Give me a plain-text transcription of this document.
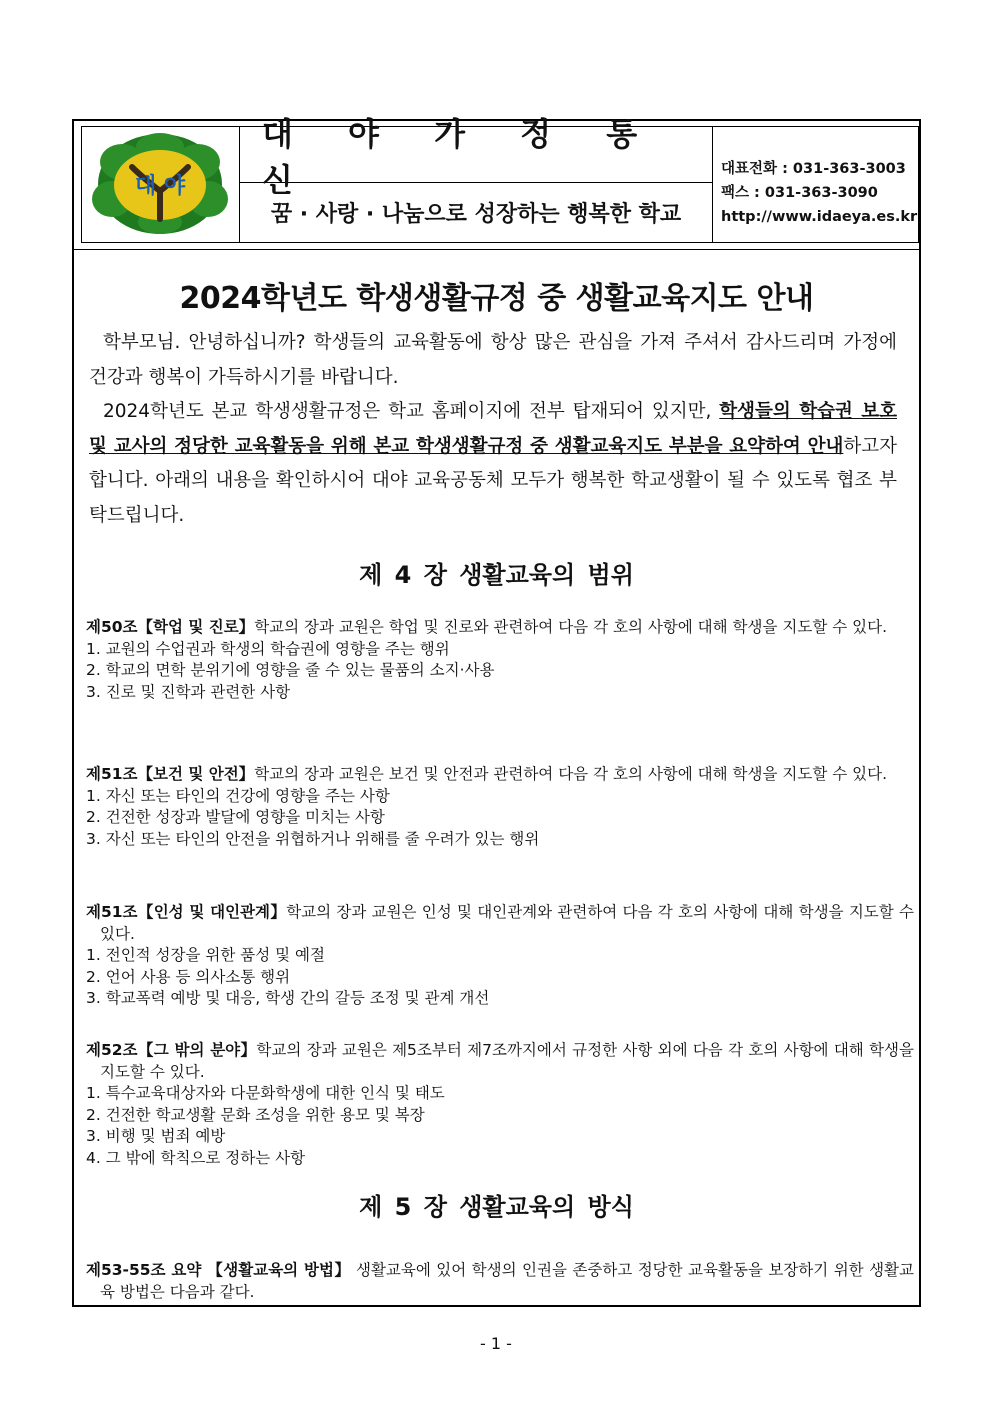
대 야
대 야 가 정 통 신
꿈 · 사랑 · 나눔으로 성장하는 행복한 학교
대표전화 : 031-363-3003
팩스 : 031-363-3090
http://www.idaeya.es.kr
2024학년도 학생생활규정 중 생활교육지도 안내

학부모님. 안녕하십니까? 학생들의 교육활동에 항상 많은 관심을 가져 주셔서 감사드리며 가정에 건강과 행복이 가득하시기를 바랍니다.

2024학년도 본교 학생생활규정은 학교 홈페이지에 전부 탑재되어 있지만, 학생들의 학습권 보호 및 교사의 정당한 교육활동을 위해 본교 학생생활규정 중 생활교육지도 부분을 요약하여 안내하고자 합니다. 아래의 내용을 확인하시어 대야 교육공동체 모두가 행복한 학교생활이 될 수 있도록 협조 부탁드립니다.

제 4 장 생활교육의 범위
제50조【학업 및 진로】학교의 장과 교원은 학업 및 진로와 관련하여 다음 각 호의 사항에 대해 학생을 지도할 수 있다.
1. 교원의 수업권과 학생의 학습권에 영향을 주는 행위
2. 학교의 면학 분위기에 영향을 줄 수 있는 물품의 소지·사용
3. 진로 및 진학과 관련한 사항
제51조【보건 및 안전】학교의 장과 교원은 보건 및 안전과 관련하여 다음 각 호의 사항에 대해 학생을 지도할 수 있다.
1. 자신 또는 타인의 건강에 영향을 주는 사항
2. 건전한 성장과 발달에 영향을 미치는 사항
3. 자신 또는 타인의 안전을 위협하거나 위해를 줄 우려가 있는 행위
제51조【인성 및 대인관계】학교의 장과 교원은 인성 및 대인관계와 관련하여 다음 각 호의 사항에 대해 학생을 지도할 수 있다.
1. 전인적 성장을 위한 품성 및 예절
2. 언어 사용 등 의사소통 행위
3. 학교폭력 예방 및 대응, 학생 간의 갈등 조정 및 관계 개선
제52조【그 밖의 분야】학교의 장과 교원은 제5조부터 제7조까지에서 규정한 사항 외에 다음 각 호의 사항에 대해 학생을 지도할 수 있다.
1. 특수교육대상자와 다문화학생에 대한 인식 및 태도
2. 건전한 학교생활 문화 조성을 위한 용모 및 복장
3. 비행 및 범죄 예방
4. 그 밖에 학칙으로 정하는 사항
제 5 장 생활교육의 방식
제53-55조 요약 【생활교육의 방법】 생활교육에 있어 학생의 인권을 존중하고 정당한 교육활동을 보장하기 위한 생활교육 방법은 다음과 같다.
- 1 -
